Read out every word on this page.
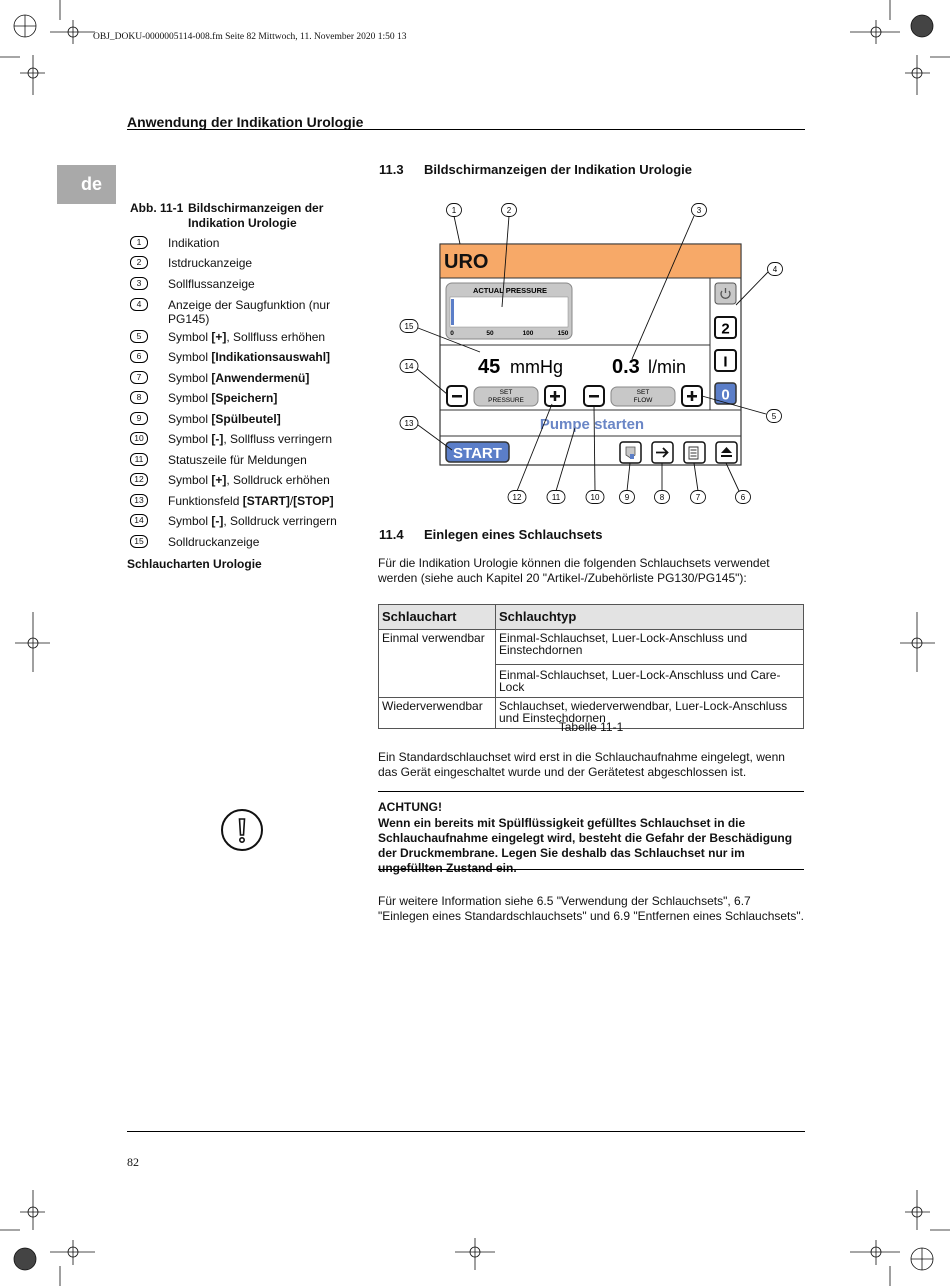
OBJ_DOKU-0000005114-008.fm Seite 82 Mittwoch, 11. November 2020 1:50 13
Anwendung der Indikation Urologie
de
Abb. 11-1 Bildschirmanzeigen der Indikation Urologie
1	Indikation
2	Istdruckanzeige
3	Sollflussanzeige
4	Anzeige der Saugfunktion (nur PG145)
5	Symbol [+], Sollfluss erhöhen
6	Symbol [Indikationsauswahl]
7	Symbol [Anwendermenü]
8	Symbol [Speichern]
9	Symbol [Spülbeutel]
10	Symbol [-], Sollfluss verringern
11	Statuszeile für Meldungen
12	Symbol [+], Solldruck erhöhen
13	Funktionsfeld [START]/[STOP]
14	Symbol [-], Solldruck verringern
15	Solldruckanzeige
Schlaucharten Urologie
11.3 Bildschirmanzeigen der Indikation Urologie
URO
ACTUAL PRESSURE
0	50	100	150
45 mmHg 0.3 l/min
SET
PRESSURE
SET
FLOW
2
I
0
Pumpe starten
START
1	2	3
4
5
6
7
8
9
10
11
12
13
14
15
11.4 Einlegen eines Schlauchsets
Für die Indikation Urologie können die folgenden Schlauchsets verwendet werden (siehe auch Kapitel 20 "Artikel-/Zubehörliste PG130/PG145"):
Schlauchart	Schlauchtyp
Einmal verwendbar	Einmal-Schlauchset, Luer-Lock-Anschluss und Einstechdornen
	Einmal-Schlauchset, Luer-Lock-Anschluss und Care-Lock
Wiederverwendbar	Schlauchset, wiederverwendbar, Luer-Lock-Anschluss und Einstechdornen
Tabelle 11-1
Ein Standardschlauchset wird erst in die Schlauchaufnahme eingelegt, wenn das Gerät eingeschaltet wurde und der Gerätetest abgeschlossen ist.
ACHTUNG!
Wenn ein bereits mit Spülflüssigkeit gefülltes Schlauchset in die Schlauchaufnahme eingelegt wird, besteht die Gefahr der Beschädigung der Druckmembrane. Legen Sie deshalb das Schlauchset nur im ungefüllten Zustand ein.
Für weitere Information siehe 6.5 "Verwendung der Schlauchsets", 6.7 "Einlegen eines Standardschlauchsets" und 6.9 "Entfernen eines Schlauchsets".
82
